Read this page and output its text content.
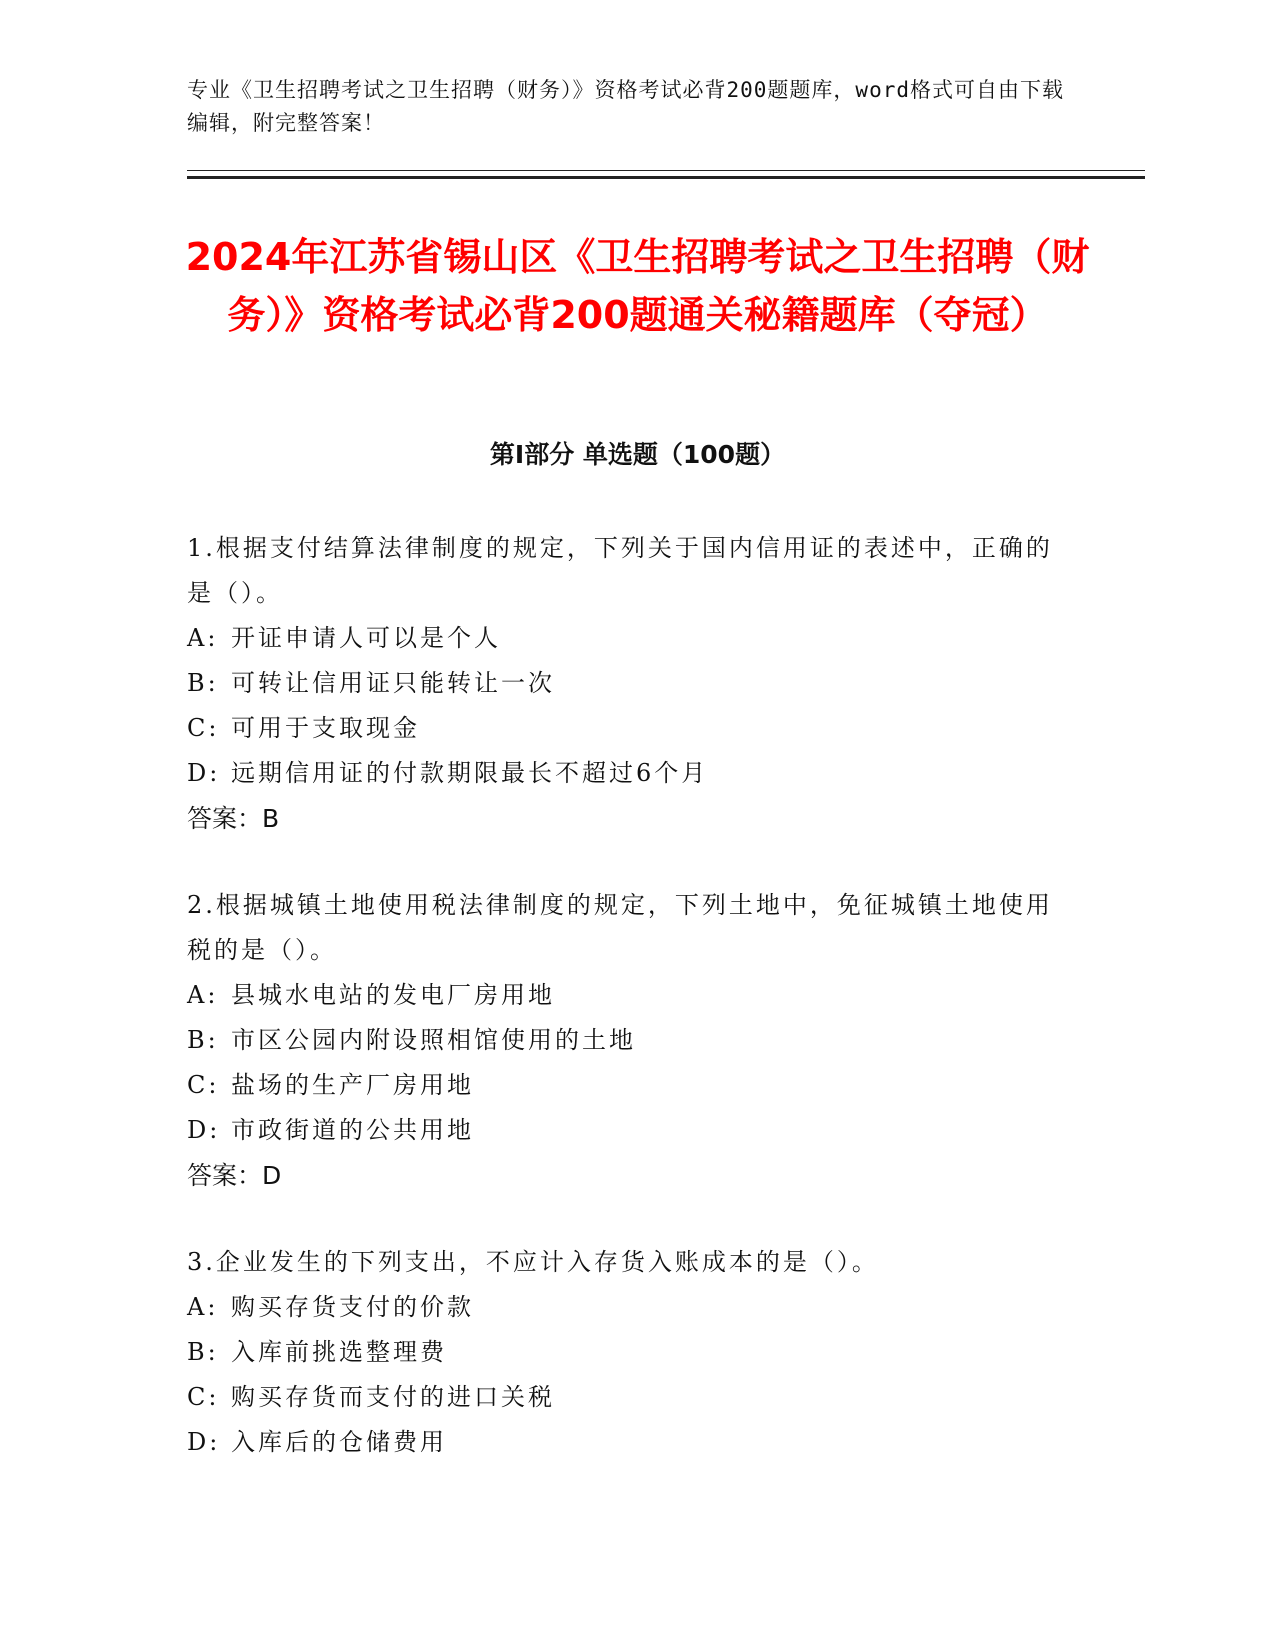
专业《卫生招聘考试之卫生招聘（财务）》资格考试必背200题题库，word格式可自由下载编辑，附完整答案！
2024年江苏省锡山区《卫生招聘考试之卫生招聘（财务）》资格考试必背200题通关秘籍题库（夺冠）
第Ⅰ部分 单选题（100题）

1.根据支付结算法律制度的规定，下列关于国内信用证的表述中，正确的是（）。

A: 开证申请人可以是个人

B: 可转让信用证只能转让一次

C: 可用于支取现金

D: 远期信用证的付款期限最长不超过6个月

答案：B

2.根据城镇土地使用税法律制度的规定，下列土地中，免征城镇土地使用税的是（）。

A: 县城水电站的发电厂房用地

B: 市区公园内附设照相馆使用的土地

C: 盐场的生产厂房用地

D: 市政街道的公共用地

答案：D

3.企业发生的下列支出，不应计入存货入账成本的是（）。

A: 购买存货支付的价款

B: 入库前挑选整理费

C: 购买存货而支付的进口关税

D: 入库后的仓储费用
